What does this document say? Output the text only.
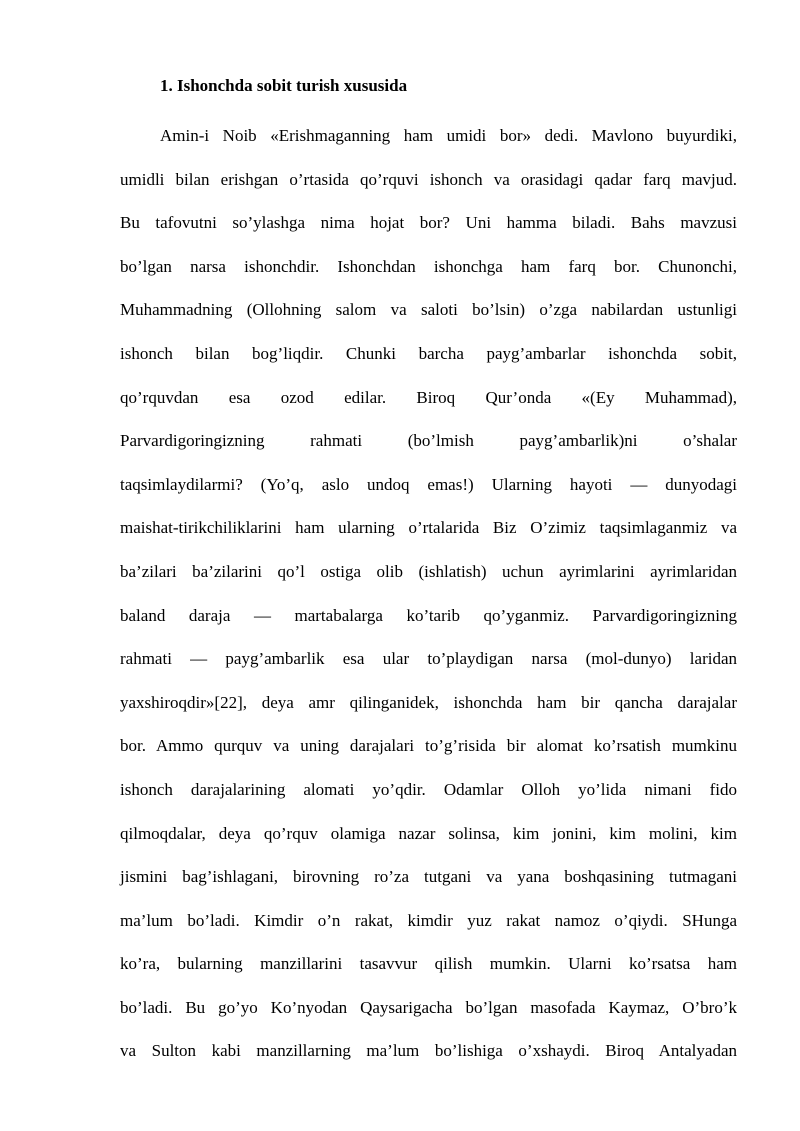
1. Ishonchda sobit turish xususida
Amin-i Noib «Erishmaganning ham umidi bor» dedi. Mavlono buyurdiki,
umidli bilan erishgan o’rtasida qo’rquvi ishonch va orasidagi qadar farq mavjud.
Bu tafovutni so’ylashga nima hojat bor? Uni hamma biladi. Bahs mavzusi
bo’lgan narsa ishonchdir. Ishonchdan ishonchga ham farq bor. Chunonchi,
Muhammadning (Ollohning salom va saloti bo’lsin) o’zga nabilardan ustunligi
ishonch bilan bog’liqdir. Chunki barcha payg’ambarlar ishonchda sobit,
qo’rquvdan esa ozod edilar. Biroq Qur’onda «(Ey Muhammad),
Parvardigoringizning rahmati (bo’lmish payg’ambarlik)ni o’shalar
taqsimlaydilarmi? (Yo’q, aslo undoq emas!) Ularning hayoti — dunyodagi
maishat-tirikchiliklarini ham ularning o’rtalarida Biz O’zimiz taqsimlaganmiz va
ba’zilari ba’zilarini qo’l ostiga olib (ishlatish) uchun ayrimlarini ayrimlaridan
baland daraja — martabalarga ko’tarib qo’yganmiz. Parvardigoringizning
rahmati — payg’ambarlik esa ular to’playdigan narsa (mol-dunyo) laridan
yaxshiroqdir»[22], deya amr qilinganidek, ishonchda ham bir qancha darajalar
bor. Ammo qurquv va uning darajalari to’g’risida bir alomat ko’rsatish mumkinu
ishonch darajalarining alomati yo’qdir. Odamlar Olloh yo’lida nimani fido
qilmoqdalar, deya qo’rquv olamiga nazar solinsa, kim jonini, kim molini, kim
jismini bag’ishlagani, birovning ro’za tutgani va yana boshqasining tutmagani
ma’lum bo’ladi. Kimdir o’n rakat, kimdir yuz rakat namoz o’qiydi. SHunga
ko’ra, bularning manzillarini tasavvur qilish mumkin. Ularni ko’rsatsa ham
bo’ladi. Bu go’yo Ko’nyodan Qaysarigacha bo’lgan masofada Kaymaz, O’bro’k
va Sulton kabi manzillarning ma’lum bo’lishiga o’xshaydi. Biroq Antalyadan
